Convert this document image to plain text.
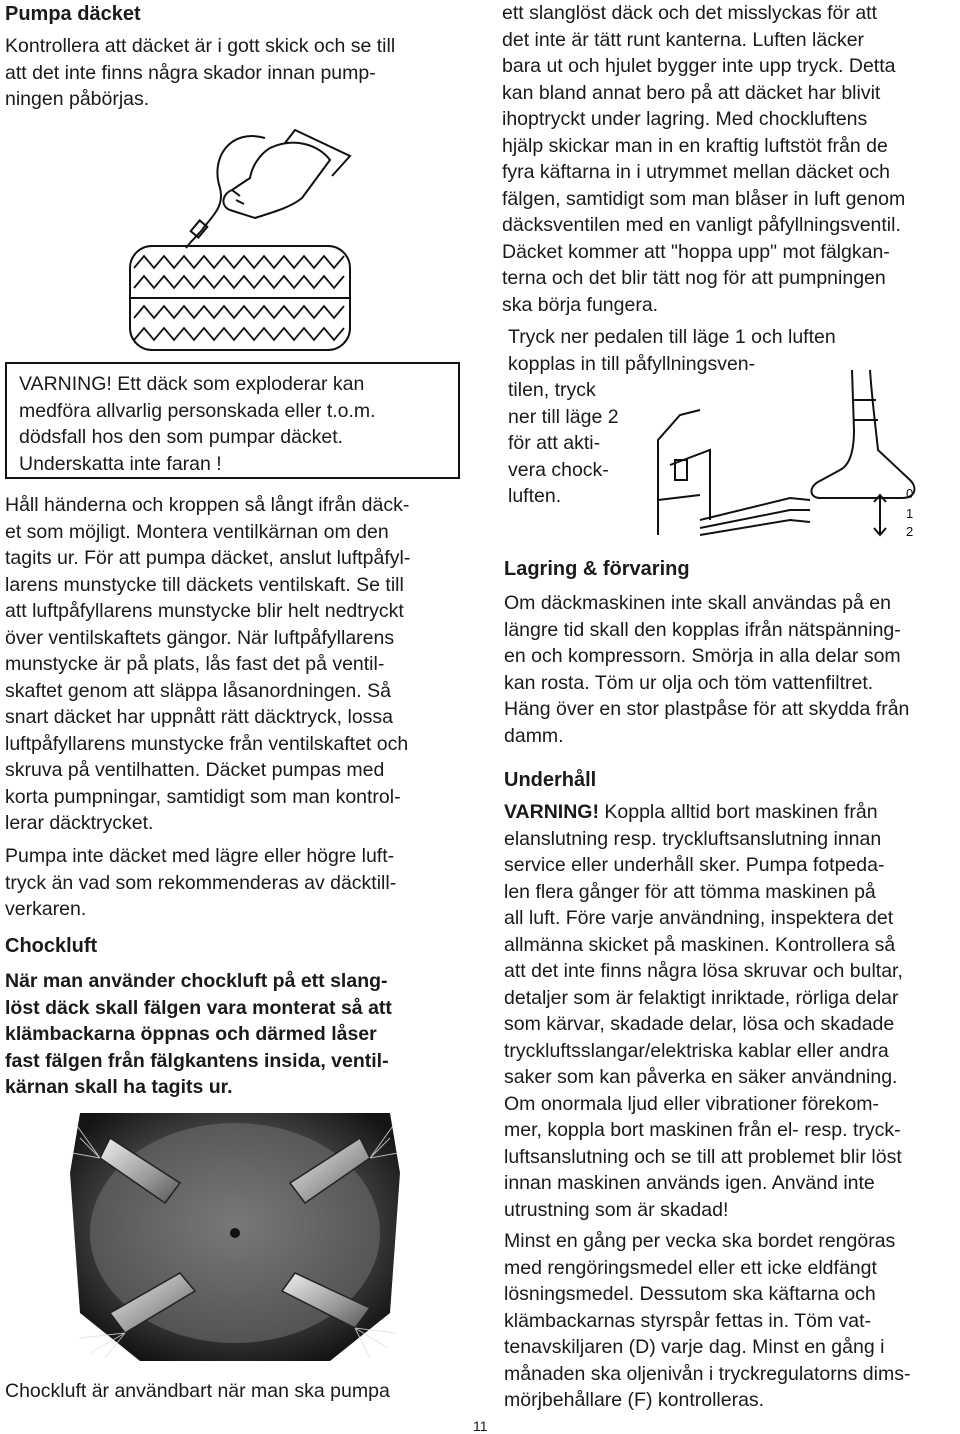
Pumpa däcket
Kontrollera att däcket är i gott skick och se till
att det inte finns några skador innan pump-
ningen påbörjas.
VARNING! Ett däck som exploderar kan
medföra allvarlig personskada eller t.o.m.
dödsfall hos den som pumpar däcket.
Underskatta inte faran !
Håll händerna och kroppen så långt ifrån däck-
et som möjligt. Montera ventilkärnan om den
tagits ur. För att pumpa däcket, anslut luftpåfyl-
larens munstycke till däckets ventilskaft. Se till
att luftpåfyllarens munstycke blir helt nedtryckt
över ventilskaftets gängor. När luftpåfyllarens
munstycke är på plats, lås fast det på ventil-
skaftet genom att släppa låsanordningen. Så
snart däcket har uppnått rätt däcktryck, lossa
luftpåfyllarens munstycke från ventilskaftet och
skruva på ventilhatten. Däcket pumpas med
korta pumpningar, samtidigt som man kontrol-
lerar däcktrycket.
Pumpa inte däcket med lägre eller högre luft-
tryck än vad som rekommenderas av däcktill-
verkaren.
Chockluft
När man använder chockluft på ett slang-
löst däck skall fälgen vara monterat så att
klämbackarna öppnas och därmed låser
fast fälgen från fälgkantens insida, ventil-
kärnan skall ha tagits ur.
Chockluft är användbart när man ska pumpa
ett slanglöst däck och det misslyckas för att
det inte är tätt runt kanterna. Luften läcker
bara ut och hjulet bygger inte upp tryck. Detta
kan bland annat bero på att däcket har blivit
ihoptryckt under lagring. Med chockluftens
hjälp skickar man in en kraftig luftstöt från de
fyra käftarna in i utrymmet mellan däcket och
fälgen, samtidigt som man blåser in luft genom
däcksventilen med en vanligt påfyllningsventil.
Däcket kommer att "hoppa upp" mot fälgkan-
terna och det blir tätt nog för att pumpningen
ska börja fungera.
Tryck ner pedalen till läge 1 och luften
kopplas in till påfyllningsven-
tilen, tryck
ner till läge 2
för att akti-
vera chock-
luften.	0
1
2
Lagring & förvaring
Om däckmaskinen inte skall användas på en
längre tid skall den kopplas ifrån nätspänning-
en och kompressorn. Smörja in alla delar som
kan rosta. Töm ur olja och töm vattenfiltret.
Häng över en stor plastpåse för att skydda från
damm.
Underhåll
VARNING! Koppla alltid bort maskinen från
elanslutning resp. tryckluftsanslutning innan
service eller underhåll sker. Pumpa fotpeda-
len flera gånger för att tömma maskinen på
all luft. Före varje användning, inspektera det
allmänna skicket på maskinen. Kontrollera så
att det inte finns några lösa skruvar och bultar,
detaljer som är felaktigt inriktade, rörliga delar
som kärvar, skadade delar, lösa och skadade
tryckluftsslangar/elektriska kablar eller andra
saker som kan påverka en säker användning.
Om onormala ljud eller vibrationer förekom-
mer, koppla bort maskinen från el- resp. tryck-
luftsanslutning och se till att problemet blir löst
innan maskinen används igen. Använd inte
utrustning som är skadad!
Minst en gång per vecka ska bordet rengöras
med rengöringsmedel eller ett icke eldfängt
lösningsmedel. Dessutom ska käftarna och
klämbackarnas styrspår fettas in. Töm vat-
tenavskiljaren (D) varje dag. Minst en gång i
månaden ska oljenivån i tryckregulatorns dims-
mörjbehållare (F) kontrolleras.
11
